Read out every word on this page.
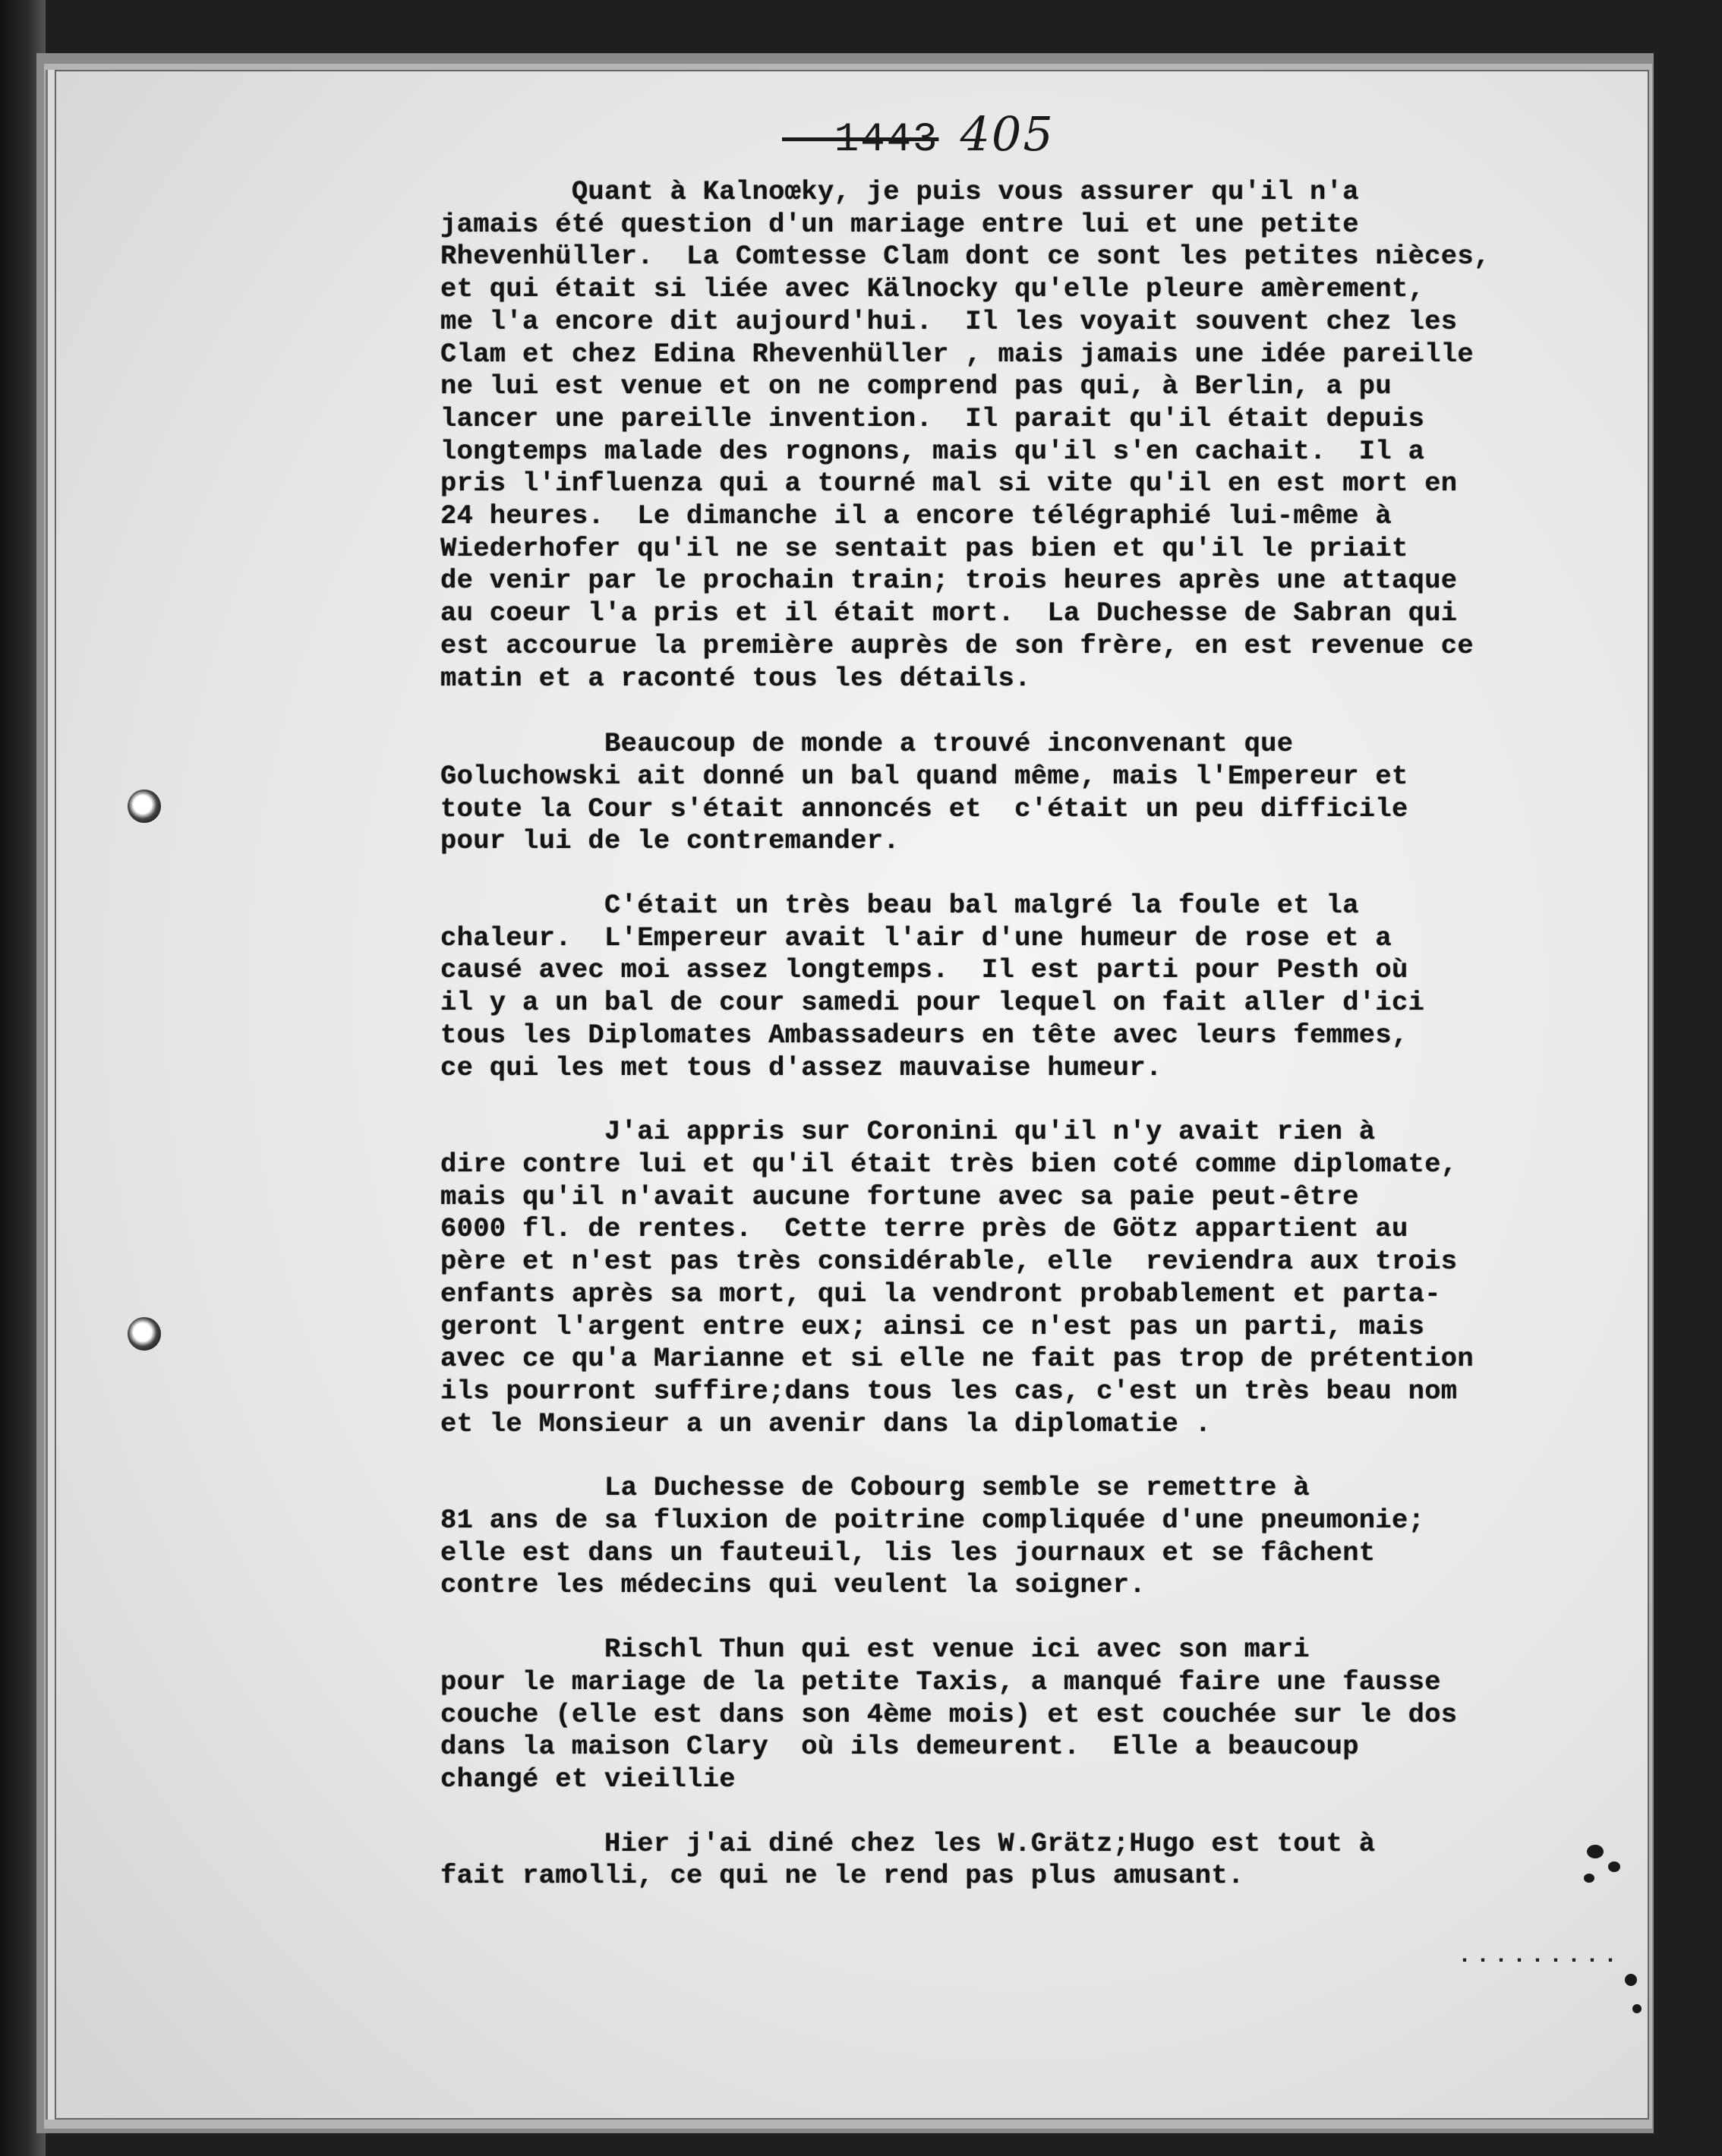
- 1443 405
Quant à Kalnoœky, je puis vous assurer qu'il n'a
jamais été question d'un mariage entre lui et une petite
Rhevenhüller.  La Comtesse Clam dont ce sont les petites nièces,
et qui était si liée avec Kälnocky qu'elle pleure amèrement,
me l'a encore dit aujourd'hui.  Il les voyait souvent chez les
Clam et chez Edina Rhevenhüller , mais jamais une idée pareille
ne lui est venue et on ne comprend pas qui, à Berlin, a pu
lancer une pareille invention.  Il parait qu'il était depuis
longtemps malade des rognons, mais qu'il s'en cachait.  Il a
pris l'influenza qui a tourné mal si vite qu'il en est mort en
24 heures.  Le dimanche il a encore télégraphié lui-même à
Wiederhofer qu'il ne se sentait pas bien et qu'il le priait
de venir par le prochain train; trois heures après une attaque
au coeur l'a pris et il était mort.  La Duchesse de Sabran qui
est accourue la première auprès de son frère, en est revenue ce
matin et a raconté tous les détails.
Beaucoup de monde a trouvé inconvenant que
Goluchowski ait donné un bal quand même, mais l'Empereur et
toute la Cour s'était annoncés et  c'était un peu difficile
pour lui de le contremander.
C'était un très beau bal malgré la foule et la
chaleur.  L'Empereur avait l'air d'une humeur de rose et a
causé avec moi assez longtemps.  Il est parti pour Pesth où
il y a un bal de cour samedi pour lequel on fait aller d'ici
tous les Diplomates Ambassadeurs en tête avec leurs femmes,
ce qui les met tous d'assez mauvaise humeur.
J'ai appris sur Coronini qu'il n'y avait rien à
dire contre lui et qu'il était très bien coté comme diplomate,
mais qu'il n'avait aucune fortune avec sa paie peut-être
6000 fl. de rentes.  Cette terre près de Götz appartient au
père et n'est pas très considérable, elle  reviendra aux trois
enfants après sa mort, qui la vendront probablement et parta-
geront l'argent entre eux; ainsi ce n'est pas un parti, mais
avec ce qu'a Marianne et si elle ne fait pas trop de prétention
ils pourront suffire;dans tous les cas, c'est un très beau nom
et le Monsieur a un avenir dans la diplomatie .
La Duchesse de Cobourg semble se remettre à
81 ans de sa fluxion de poitrine compliquée d'une pneumonie;
elle est dans un fauteuil, lis les journaux et se fâchent
contre les médecins qui veulent la soigner.
Rischl Thun qui est venue ici avec son mari
pour le mariage de la petite Taxis, a manqué faire une fausse
couche (elle est dans son 4ème mois) et est couchée sur le dos
dans la maison Clary  où ils demeurent.  Elle a beaucoup
changé et vieillie
Hier j'ai diné chez les W.Grätz;Hugo est tout à
fait ramolli, ce qui ne le rend pas plus amusant.
.........
